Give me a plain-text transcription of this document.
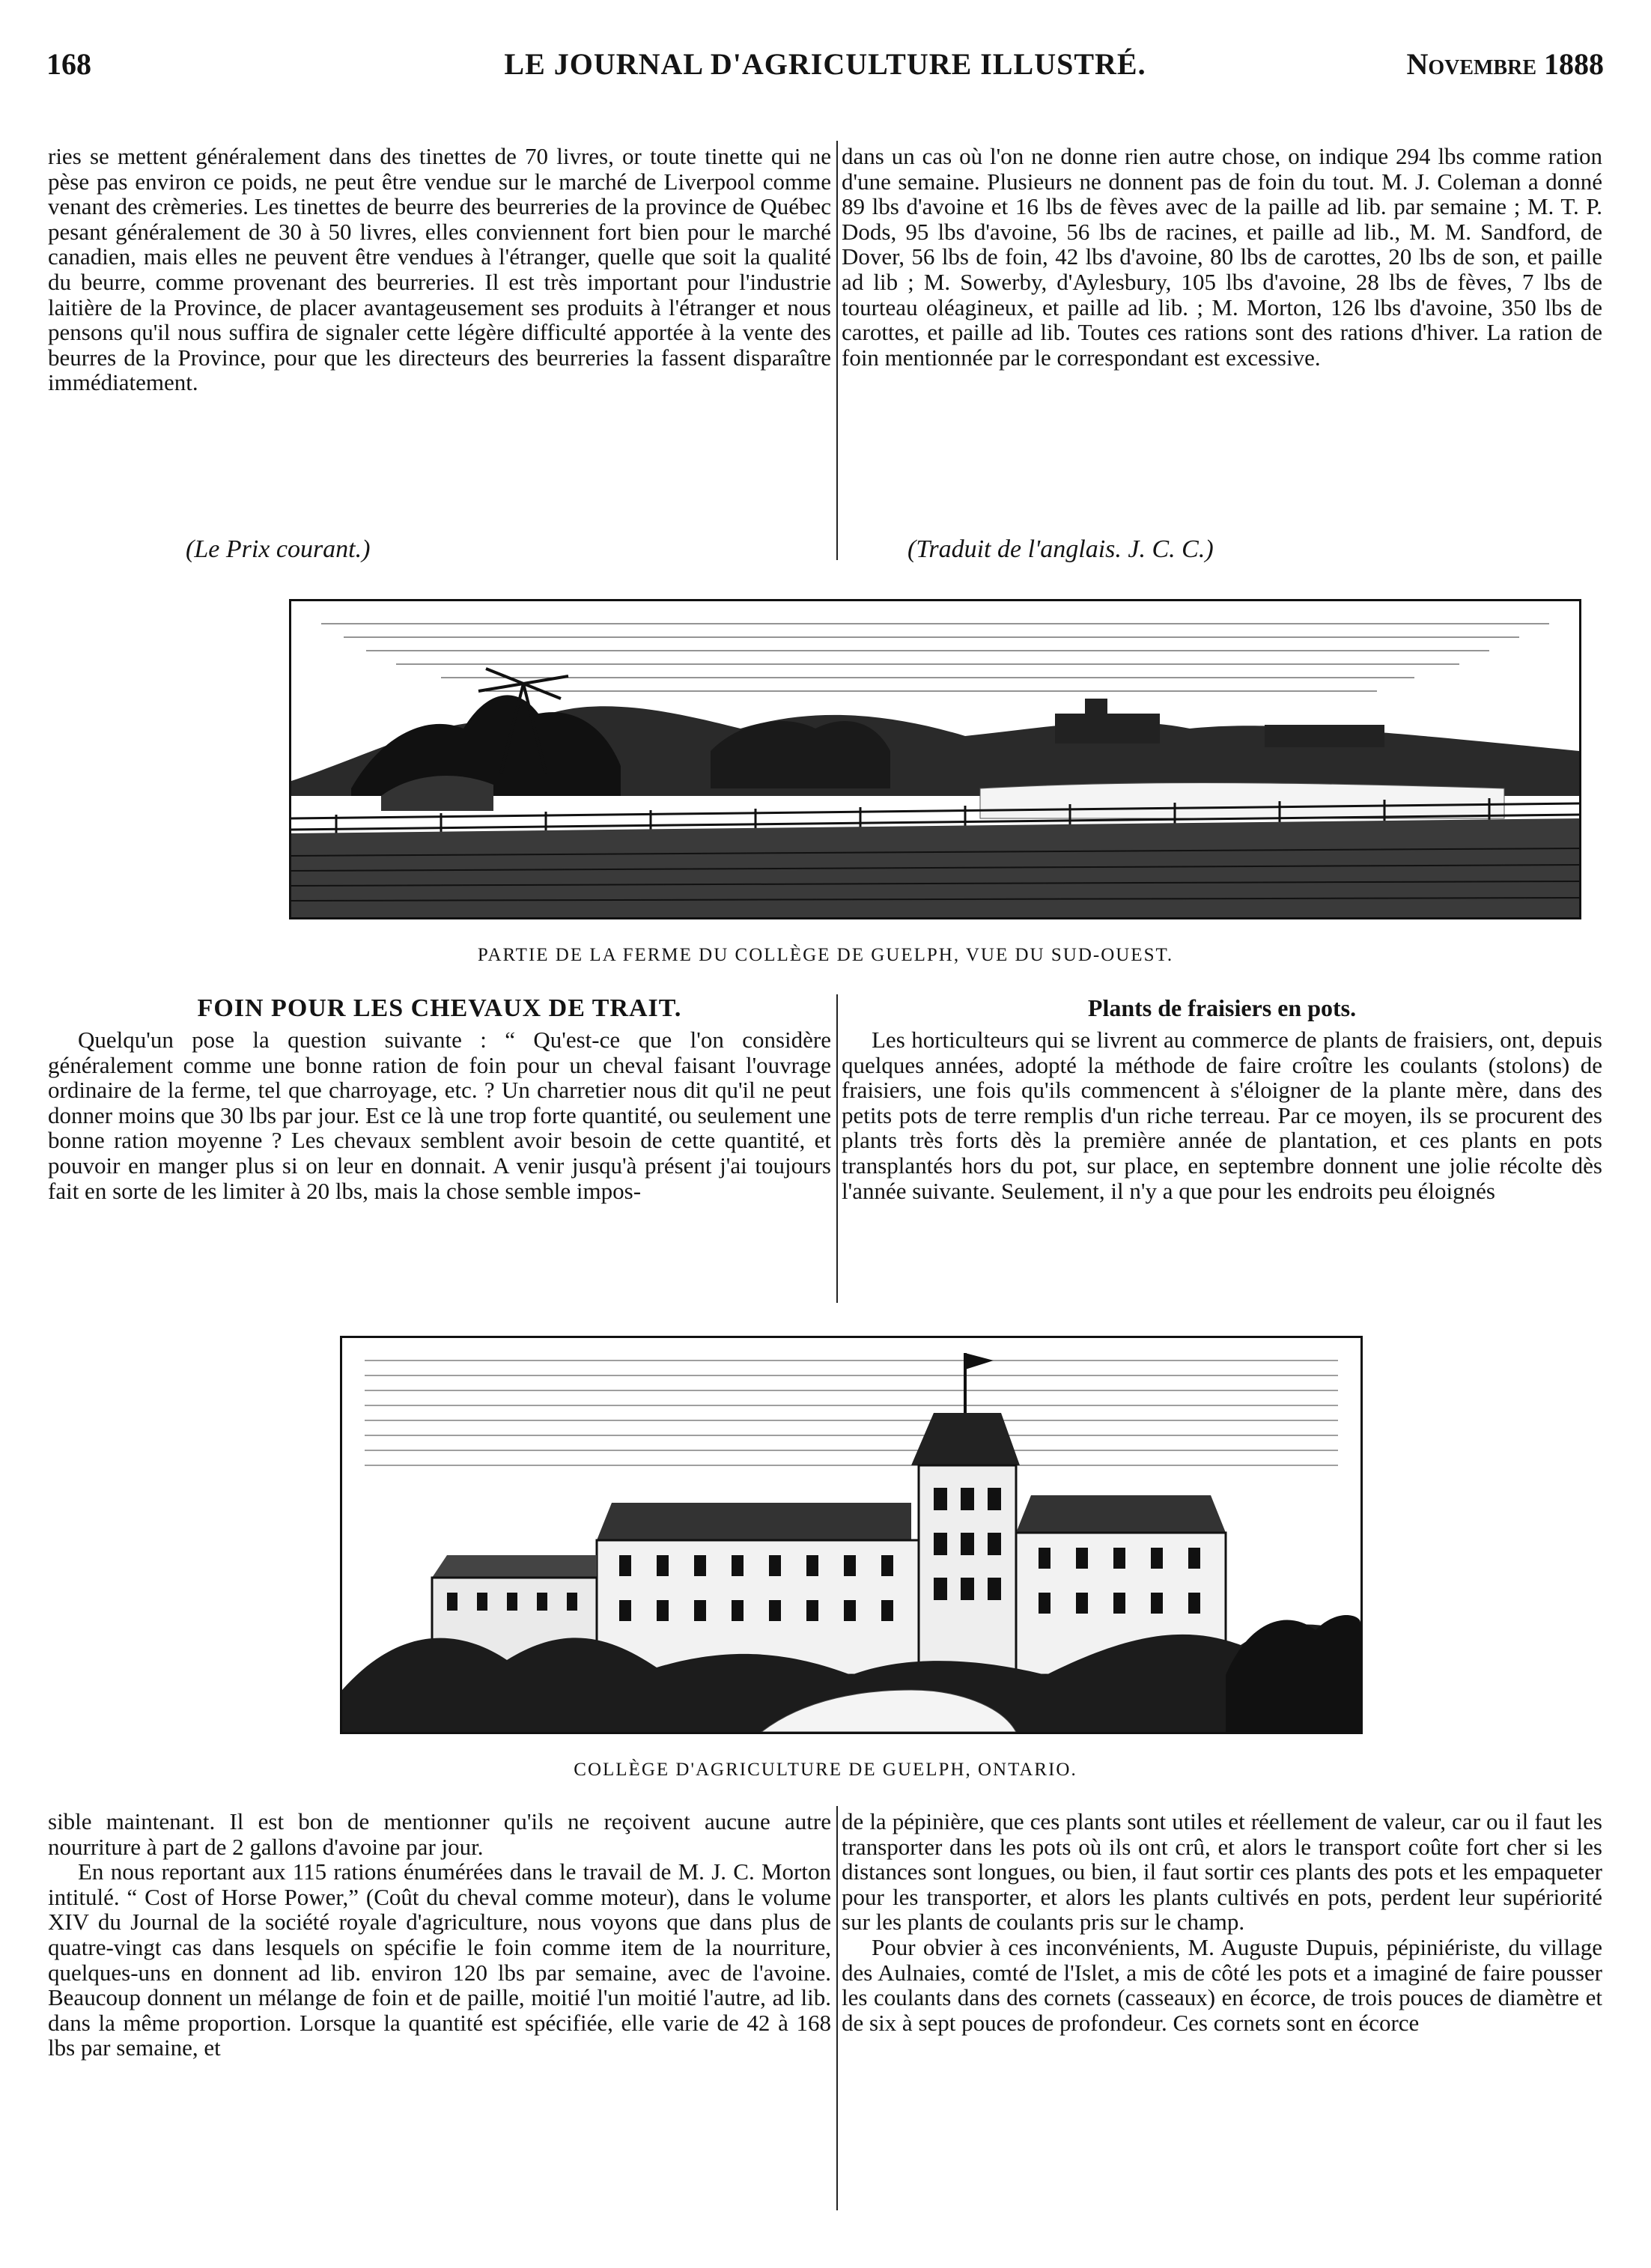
168	LE JOURNAL D'AGRICULTURE ILLUSTRÉ.	Novembre 1888

ries se mettent généralement dans des tinettes de 70 livres, or toute tinette qui ne pèse pas environ ce poids, ne peut être vendue sur le marché de Liverpool comme venant des crèmeries. Les tinettes de beurre des beurreries de la province de Québec pesant généralement de 30 à 50 livres, elles conviennent fort bien pour le marché canadien, mais elles ne peuvent être vendues à l'étranger, quelle que soit la qualité du beurre, comme provenant des beurreries. Il est très important pour l'industrie laitière de la Province, de placer avantageusement ses produits à l'étranger et nous pensons qu'il nous suffira de signaler cette légère difficulté apportée à la vente des beurres de la Province, pour que les directeurs des beurreries la fassent disparaître immédiatement.

(Le Prix courant.)

dans un cas où l'on ne donne rien autre chose, on indique 294 lbs comme ration d'une semaine. Plusieurs ne donnent pas de foin du tout. M. J. Coleman a donné 89 lbs d'avoine et 16 lbs de fèves avec de la paille ad lib. par semaine ; M. T. P. Dods, 95 lbs d'avoine, 56 lbs de racines, et paille ad lib., M. M. Sandford, de Dover, 56 lbs de foin, 42 lbs d'avoine, 80 lbs de carottes, 20 lbs de son, et paille ad lib ; M. Sowerby, d'Aylesbury, 105 lbs d'avoine, 28 lbs de fèves, 7 lbs de tourteau oléagineux, et paille ad lib. ; M. Morton, 126 lbs d'avoine, 350 lbs de carottes, et paille ad lib. Toutes ces rations sont des rations d'hiver. La ration de foin mentionnée par le correspondant est excessive.

(Traduit de l'anglais. J. C. C.)
PARTIE DE LA FERME DU COLLÈGE DE GUELPH, VUE DU SUD-OUEST.
FOIN POUR LES CHEVAUX DE TRAIT.

Quelqu'un pose la question suivante : “ Qu'est-ce que l'on considère généralement comme une bonne ration de foin pour un cheval faisant l'ouvrage ordinaire de la ferme, tel que charroyage, etc. ? Un charretier nous dit qu'il ne peut donner moins que 30 lbs par jour. Est ce là une trop forte quantité, ou seulement une bonne ration moyenne ? Les chevaux semblent avoir besoin de cette quantité, et pouvoir en manger plus si on leur en donnait. A venir jusqu'à présent j'ai toujours fait en sorte de les limiter à 20 lbs, mais la chose semble impos-

Plants de fraisiers en pots.

Les horticulteurs qui se livrent au commerce de plants de fraisiers, ont, depuis quelques années, adopté la méthode de faire croître les coulants (stolons) de fraisiers, une fois qu'ils commencent à s'éloigner de la plante mère, dans des petits pots de terre remplis d'un riche terreau. Par ce moyen, ils se procurent des plants très forts dès la première année de plantation, et ces plants en pots transplantés hors du pot, sur place, en septembre donnent une jolie récolte dès l'année suivante. Seulement, il n'y a que pour les endroits peu éloignés

COLLÈGE D'AGRICULTURE DE GUELPH, ONTARIO.

sible maintenant. Il est bon de mentionner qu'ils ne reçoivent aucune autre nourriture à part de 2 gallons d'avoine par jour.

En nous reportant aux 115 rations énumérées dans le travail de M. J. C. Morton intitulé. “ Cost of Horse Power,” (Coût du cheval comme moteur), dans le volume XIV du Journal de la société royale d'agriculture, nous voyons que dans plus de quatre-vingt cas dans lesquels on spécifie le foin comme item de la nourriture, quelques-uns en donnent ad lib. environ 120 lbs par semaine, avec de l'avoine. Beaucoup donnent un mélange de foin et de paille, moitié l'un moitié l'autre, ad lib. dans la même proportion. Lorsque la quantité est spécifiée, elle varie de 42 à 168 lbs par semaine, et

de la pépinière, que ces plants sont utiles et réellement de valeur, car ou il faut les transporter dans les pots où ils ont crû, et alors le transport coûte fort cher si les distances sont longues, ou bien, il faut sortir ces plants des pots et les empaqueter pour les transporter, et alors les plants cultivés en pots, perdent leur supériorité sur les plants de coulants pris sur le champ.

Pour obvier à ces inconvénients, M. Auguste Dupuis, pépiniériste, du village des Aulnaies, comté de l'Islet, a mis de côté les pots et a imaginé de faire pousser les coulants dans des cornets (casseaux) en écorce, de trois pouces de diamètre et de six à sept pouces de profondeur. Ces cornets sont en écorce
